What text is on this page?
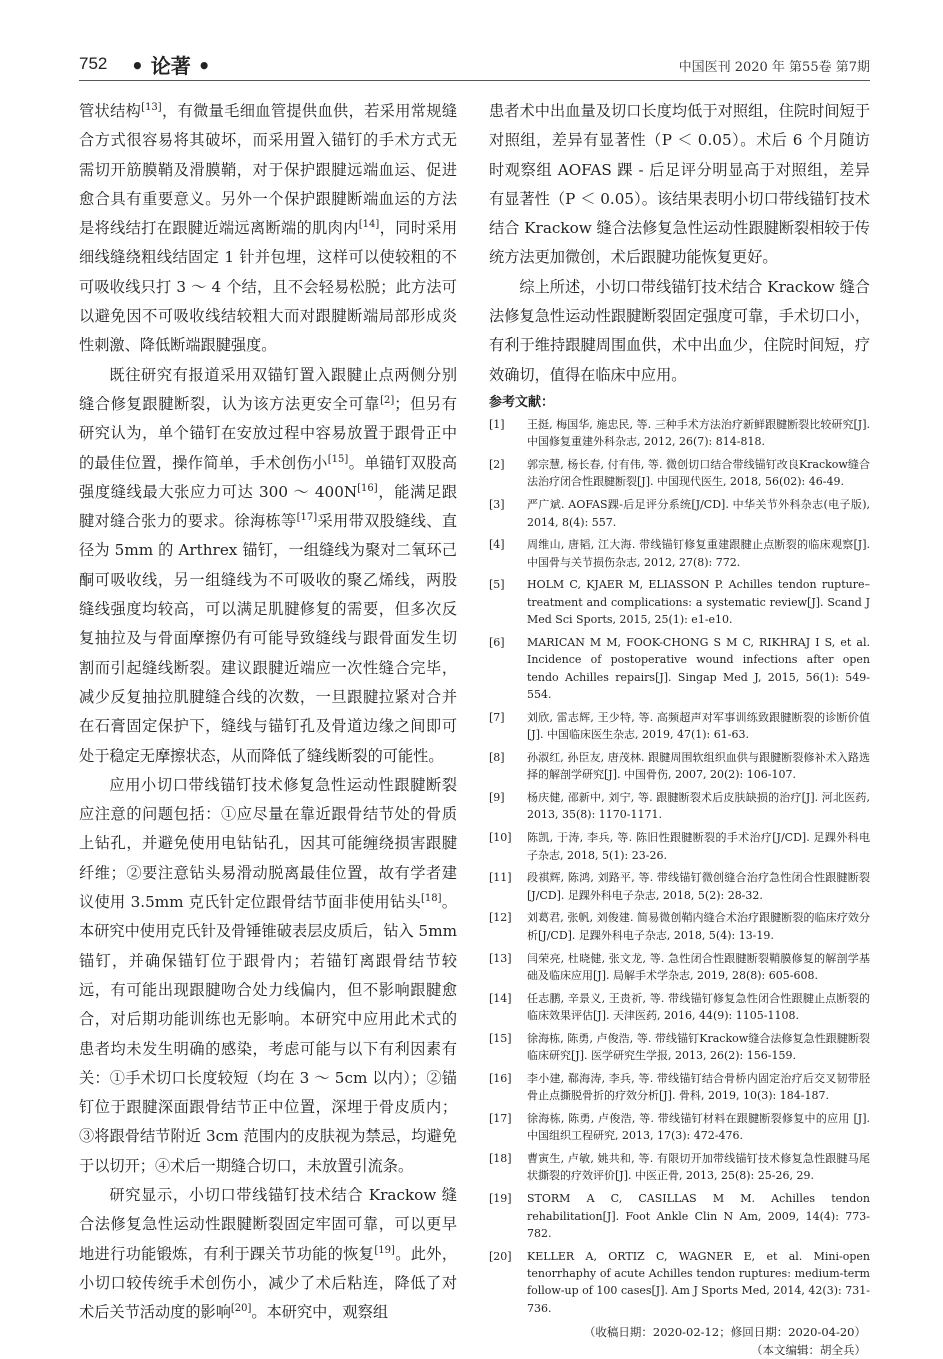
752 • 论著 •	中国医刊 2020 年 第55卷 第7期

管状结构[13]，有微量毛细血管提供血供，若采用常规缝合方式很容易将其破坏，而采用置入锚钉的手术方式无需切开筋膜鞘及滑膜鞘，对于保护跟腱远端血运、促进愈合具有重要意义。另外一个保护跟腱断端血运的方法是将线结打在跟腱近端远离断端的肌肉内[14]，同时采用细线缝绕粗线结固定 1 针并包埋，这样可以使较粗的不可吸收线只打 3 ～ 4 个结，且不会轻易松脱；此方法可以避免因不可吸收线结较粗大而对跟腱断端局部形成炎性刺激、降低断端跟腱强度。

既往研究有报道采用双锚钉置入跟腱止点两侧分别缝合修复跟腱断裂，认为该方法更安全可靠[2]；但另有研究认为，单个锚钉在安放过程中容易放置于跟骨正中的最佳位置，操作简单，手术创伤小[15]。单锚钉双股高强度缝线最大张应力可达 300 ～ 400N[16]，能满足跟腱对缝合张力的要求。徐海栋等[17]采用带双股缝线、直径为 5mm 的 Arthrex 锚钉，一组缝线为聚对二氧环己酮可吸收线，另一组缝线为不可吸收的聚乙烯线，两股缝线强度均较高，可以满足肌腱修复的需要，但多次反复抽拉及与骨面摩擦仍有可能导致缝线与跟骨面发生切割而引起缝线断裂。建议跟腱近端应一次性缝合完毕，减少反复抽拉肌腱缝合线的次数，一旦跟腱拉紧对合并在石膏固定保护下，缝线与锚钉孔及骨道边缘之间即可处于稳定无摩擦状态，从而降低了缝线断裂的可能性。

应用小切口带线锚钉技术修复急性运动性跟腱断裂应注意的问题包括：①应尽量在靠近跟骨结节处的骨质上钻孔，并避免使用电钻钻孔，因其可能缠绕损害跟腱纤维；②要注意钻头易滑动脱离最佳位置，故有学者建议使用 3.5mm 克氏针定位跟骨结节面非使用钻头[18]。本研究中使用克氏针及骨锤锥破表层皮质后，钻入 5mm 锚钉，并确保锚钉位于跟骨内；若锚钉离跟骨结节较远，有可能出现跟腱吻合处力线偏内，但不影响跟腱愈合，对后期功能训练也无影响。本研究中应用此术式的患者均未发生明确的感染，考虑可能与以下有利因素有关：①手术切口长度较短（均在 3 ～ 5cm 以内）；②锚钉位于跟腱深面跟骨结节正中位置，深埋于骨皮质内；③将跟骨结节附近 3cm 范围内的皮肤视为禁忌，均避免于以切开；④术后一期缝合切口，未放置引流条。

研究显示，小切口带线锚钉技术结合 Krackow 缝合法修复急性运动性跟腱断裂固定牢固可靠，可以更早地进行功能锻炼，有利于踝关节功能的恢复[19]。此外，小切口较传统手术创伤小，减少了术后粘连，降低了对术后关节活动度的影响[20]。本研究中，观察组

患者术中出血量及切口长度均低于对照组，住院时间短于对照组，差异有显著性（P ＜ 0.05）。术后 6 个月随访时观察组 AOFAS 踝 - 后足评分明显高于对照组，差异有显著性（P ＜ 0.05）。该结果表明小切口带线锚钉技术结合 Krackow 缝合法修复急性运动性跟腱断裂相较于传统方法更加微创，术后跟腱功能恢复更好。

综上所述，小切口带线锚钉技术结合 Krackow 缝合法修复急性运动性跟腱断裂固定强度可靠，手术切口小，有利于维持跟腱周围血供，术中出血少，住院时间短，疗效确切，值得在临床中应用。

参考文献：
[1]	王挺, 梅国华, 施忠民, 等. 三种手术方法治疗新鲜跟腱断裂比较研究[J]. 中国修复重建外科杂志, 2012, 26(7): 814-818.
[2]	郭宗慧, 杨长春, 付有伟, 等. 微创切口结合带线锚钉改良Krackow缝合法治疗闭合性跟腱断裂[J]. 中国现代医生, 2018, 56(02): 46-49.
[3]	严广斌. AOFAS踝-后足评分系统[J/CD]. 中华关节外科杂志(电子版), 2014, 8(4): 557.
[4]	周维山, 唐韬, 江大海. 带线锚钉修复重建跟腱止点断裂的临床观察[J]. 中国骨与关节损伤杂志, 2012, 27(8): 772.
[5]	HOLM C, KJAER M, ELIASSON P. Achilles tendon rupture–treatment and complications: a systematic review[J]. Scand J Med Sci Sports, 2015, 25(1): e1-e10.
[6]	MARICAN M M, FOOK-CHONG S M C, RIKHRAJ I S, et al. Incidence of postoperative wound infections after open tendo Achilles repairs[J]. Singap Med J, 2015, 56(1): 549-554.
[7]	刘欣, 雷志辉, 王少特, 等. 高频超声对军事训练致跟腱断裂的诊断价值[J]. 中国临床医生杂志, 2019, 47(1): 61-63.
[8]	孙淑红, 孙臣友, 唐茂林. 跟腱周围软组织血供与跟腱断裂修补术入路选择的解剖学研究[J]. 中国骨伤, 2007, 20(2): 106-107.
[9]	杨庆健, 邵新中, 刘宁, 等. 跟腱断裂术后皮肤缺损的治疗[J]. 河北医药, 2013, 35(8): 1170-1171.
[10]	陈凯, 于涛, 李兵, 等. 陈旧性跟腱断裂的手术治疗[J/CD]. 足踝外科电子杂志, 2018, 5(1): 23-26.
[11]	段祺辉, 陈鸿, 刘路平, 等. 带线锚钉微创缝合治疗急性闭合性跟腱断裂[J/CD]. 足踝外科电子杂志, 2018, 5(2): 28-32.
[12]	刘葛君, 张帆, 刘俊建. 简易微创鞘内缝合术治疗跟腱断裂的临床疗效分析[J/CD]. 足踝外科电子杂志, 2018, 5(4): 13-19.
[13]	闫荣亮, 杜晓健, 张文龙, 等. 急性闭合性跟腱断裂鞘膜修复的解剖学基础及临床应用[J]. 局解手术学杂志, 2019, 28(8): 605-608.
[14]	任志鹏, 辛景义, 王贵祈, 等. 带线锚钉修复急性闭合性跟腱止点断裂的临床效果评估[J]. 天津医药, 2016, 44(9): 1105-1108.
[15]	徐海栋, 陈勇, 卢俊浩, 等. 带线锚钉Krackow缝合法修复急性跟腱断裂临床研究[J]. 医学研究生学报, 2013, 26(2): 156-159.
[16]	李小建, 郗海涛, 李兵, 等. 带线锚钉结合骨桥内固定治疗后交叉韧带胫骨止点撕脱骨折的疗效分析[J]. 骨科, 2019, 10(3): 184-187.
[17]	徐海栋, 陈勇, 卢俊浩, 等. 带线锚钉材料在跟腱断裂修复中的应用 [J]. 中国组织工程研究, 2013, 17(3): 472-476.
[18]	曹寅生, 卢敏, 姚共和, 等. 有限切开加带线锚钉技术修复急性跟腱马尾状撕裂的疗效评价[J]. 中医正骨, 2013, 25(8): 25-26, 29.
[19]	STORM A C, CASILLAS M M. Achilles tendon rehabilitation[J]. Foot Ankle Clin N Am, 2009, 14(4): 773-782.
[20]	KELLER A, ORTIZ C, WAGNER E, et al. Mini-open tenorrhaphy of acute Achilles tendon ruptures: medium-term follow-up of 100 cases[J]. Am J Sports Med, 2014, 42(3): 731-736.
（收稿日期：2020-02-12；修回日期：2020-04-20）
（本文编辑：胡全兵）
